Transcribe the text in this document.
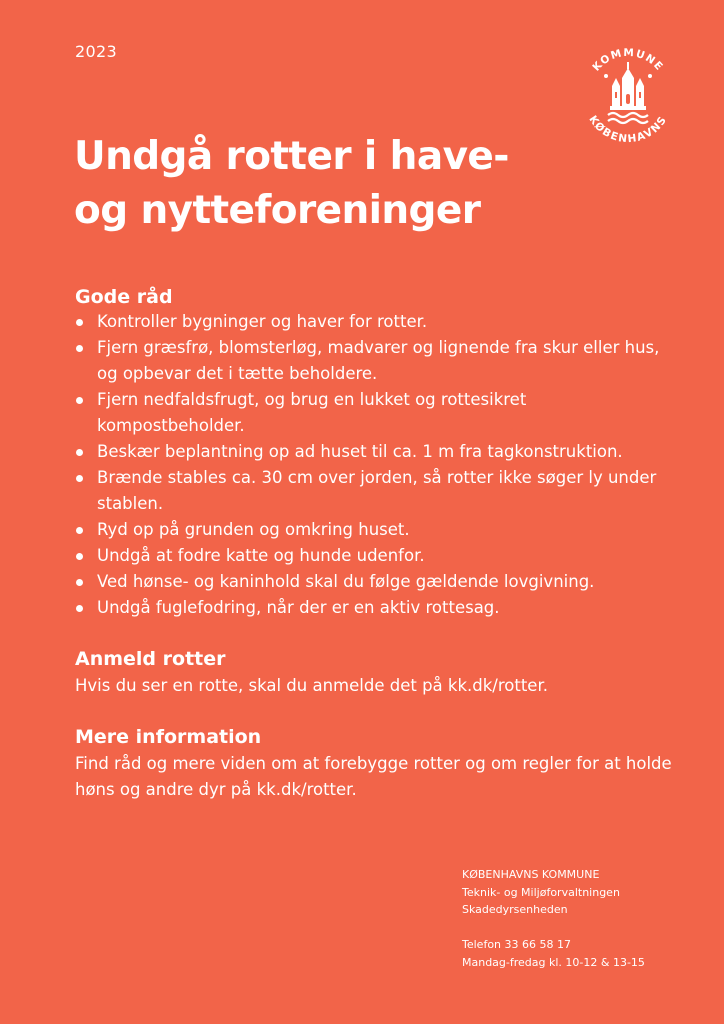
2023
KOMMUNE
KØBENHAVNS
Undgå rotter i have-
og nytteforeninger
Gode råd
Kontroller bygninger og haver for rotter.
Fjern græsfrø, blomsterløg, madvarer og lignende fra skur eller hus, og opbevar det i tætte beholdere.
Fjern nedfaldsfrugt, og brug en lukket og rottesikret kompostbeholder.
Beskær beplantning op ad huset til ca. 1 m fra tagkonstruktion.
Brænde stables ca. 30 cm over jorden, så rotter ikke søger ly under stablen.
Ryd op på grunden og omkring huset.
Undgå at fodre katte og hunde udenfor.
Ved hønse- og kaninhold skal du følge gældende lovgivning.
Undgå fuglefodring, når der er en aktiv rottesag.
Anmeld rotter

Hvis du ser en rotte, skal du anmelde det på kk.dk/rotter.

Mere information

Find råd og mere viden om at forebygge rotter og om regler for at holde høns og andre dyr på kk.dk/rotter.

KØBENHAVNS KOMMUNE
Teknik- og Miljøforvaltningen
Skadedyrsenheden
Telefon 33 66 58 17
Mandag-fredag kl. 10-12 & 13-15
